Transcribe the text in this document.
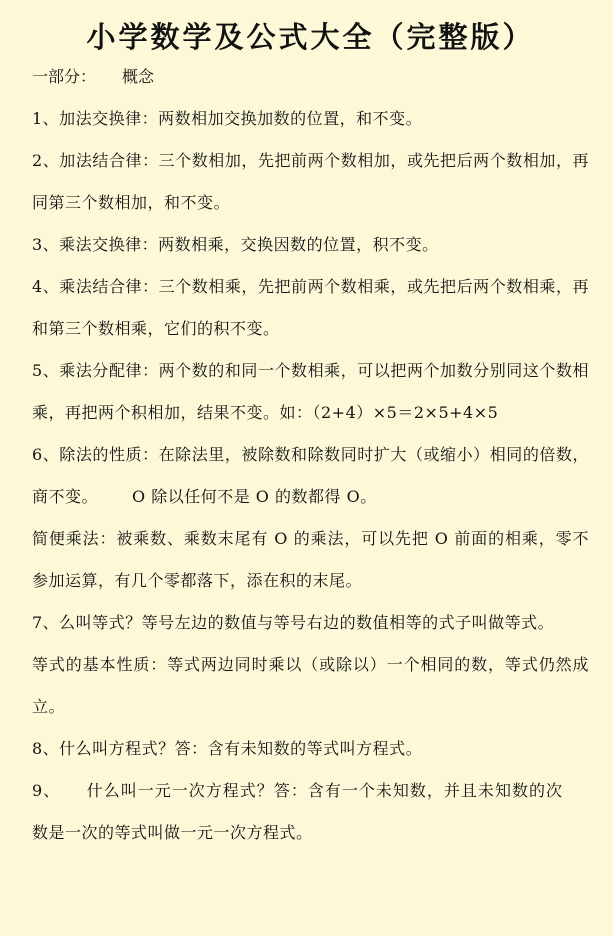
小学数学及公式大全（完整版）
一部分： 概念

1、加法交换律：两数相加交换加数的位置，和不变。

2、加法结合律：三个数相加，先把前两个数相加，或先把后两个数相加，再同第三个数相加，和不变。

3、乘法交换律：两数相乘，交换因数的位置，积不变。

4、乘法结合律：三个数相乘，先把前两个数相乘，或先把后两个数相乘，再和第三个数相乘，它们的积不变。

5、乘法分配律：两个数的和同一个数相乘，可以把两个加数分别同这个数相乘，再把两个积相加，结果不变。如：（2+4）×5＝2×5+4×5

6、除法的性质：在除法里，被除数和除数同时扩大（或缩小）相同的倍数，商不变。 O 除以任何不是 O 的数都得 O。

简便乘法：被乘数、乘数末尾有 O 的乘法，可以先把 O 前面的相乘，零不参加运算，有几个零都落下，添在积的末尾。

7、么叫等式？等号左边的数值与等号右边的数值相等的式子叫做等式。

等式的基本性质：等式两边同时乘以（或除以）一个相同的数，等式仍然成立。

8、什么叫方程式？答：含有未知数的等式叫方程式。

9、 什么叫一元一次方程式？答：含有一个未知数，并且未知数的次数是一次的等式叫做一元一次方程式。
